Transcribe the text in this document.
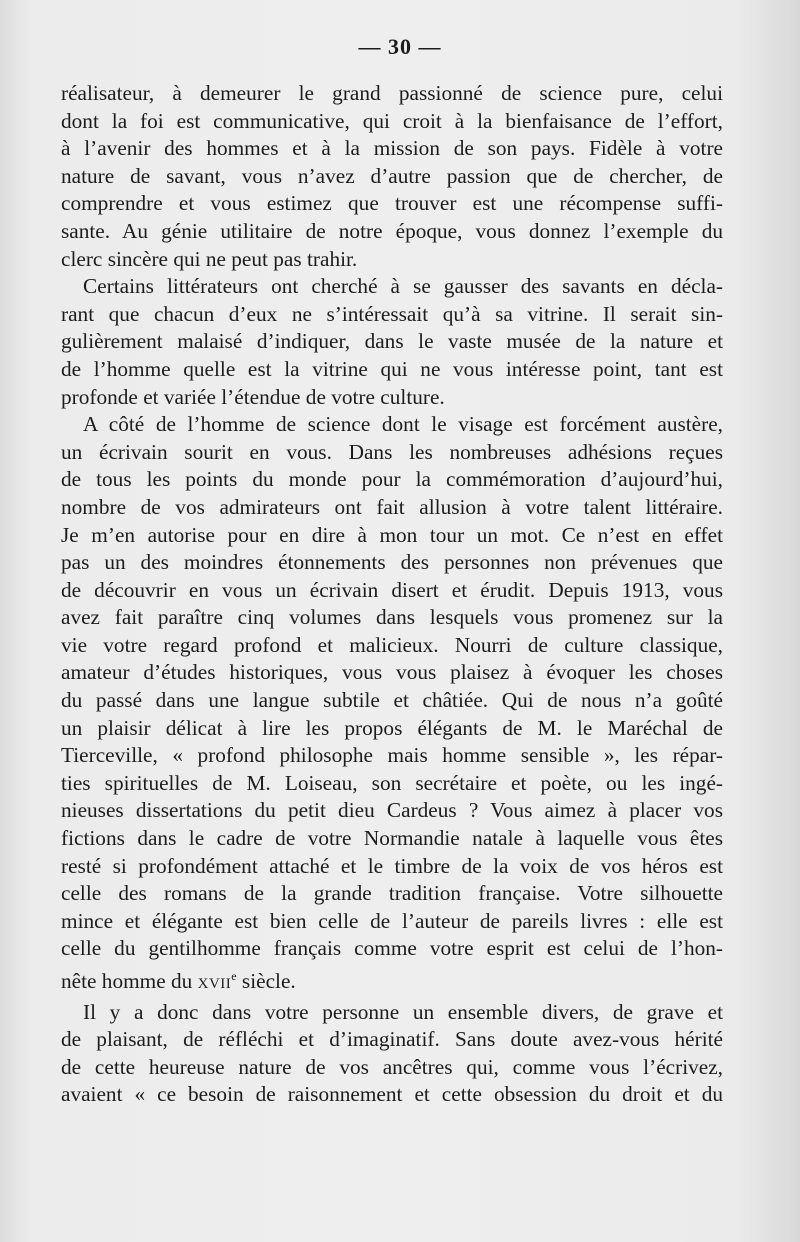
— 30 —
réalisateur, à demeurer le grand passionné de science pure, celui
dont la foi est communicative, qui croit à la bienfaisance de l’effort,
à l’avenir des hommes et à la mission de son pays. Fidèle à votre
nature de savant, vous n’avez d’autre passion que de chercher, de
comprendre et vous estimez que trouver est une récompense suffi-
sante. Au génie utilitaire de notre époque, vous donnez l’exemple du
clerc sincère qui ne peut pas trahir.
Certains littérateurs ont cherché à se gausser des savants en décla-
rant que chacun d’eux ne s’intéressait qu’à sa vitrine. Il serait sin-
gulièrement malaisé d’indiquer, dans le vaste musée de la nature et
de l’homme quelle est la vitrine qui ne vous intéresse point, tant est
profonde et variée l’étendue de votre culture.
A côté de l’homme de science dont le visage est forcément austère,
un écrivain sourit en vous. Dans les nombreuses adhésions reçues
de tous les points du monde pour la commémoration d’aujourd’hui,
nombre de vos admirateurs ont fait allusion à votre talent littéraire.
Je m’en autorise pour en dire à mon tour un mot. Ce n’est en effet
pas un des moindres étonnements des personnes non prévenues que
de découvrir en vous un écrivain disert et érudit. Depuis 1913, vous
avez fait paraître cinq volumes dans lesquels vous promenez sur la
vie votre regard profond et malicieux. Nourri de culture classique,
amateur d’études historiques, vous vous plaisez à évoquer les choses
du passé dans une langue subtile et châtiée. Qui de nous n’a goûté
un plaisir délicat à lire les propos élégants de M. le Maréchal de
Tierceville, « profond philosophe mais homme sensible », les répar-
ties spirituelles de M. Loiseau, son secrétaire et poète, ou les ingé-
nieuses dissertations du petit dieu Cardeus ? Vous aimez à placer vos
fictions dans le cadre de votre Normandie natale à laquelle vous êtes
resté si profondément attaché et le timbre de la voix de vos héros est
celle des romans de la grande tradition française. Votre silhouette
mince et élégante est bien celle de l’auteur de pareils livres : elle est
celle du gentilhomme français comme votre esprit est celui de l’hon-
nête homme du XVIIe siècle.
Il y a donc dans votre personne un ensemble divers, de grave et
de plaisant, de réfléchi et d’imaginatif. Sans doute avez-vous hérité
de cette heureuse nature de vos ancêtres qui, comme vous l’écrivez,
avaient « ce besoin de raisonnement et cette obsession du droit et du
